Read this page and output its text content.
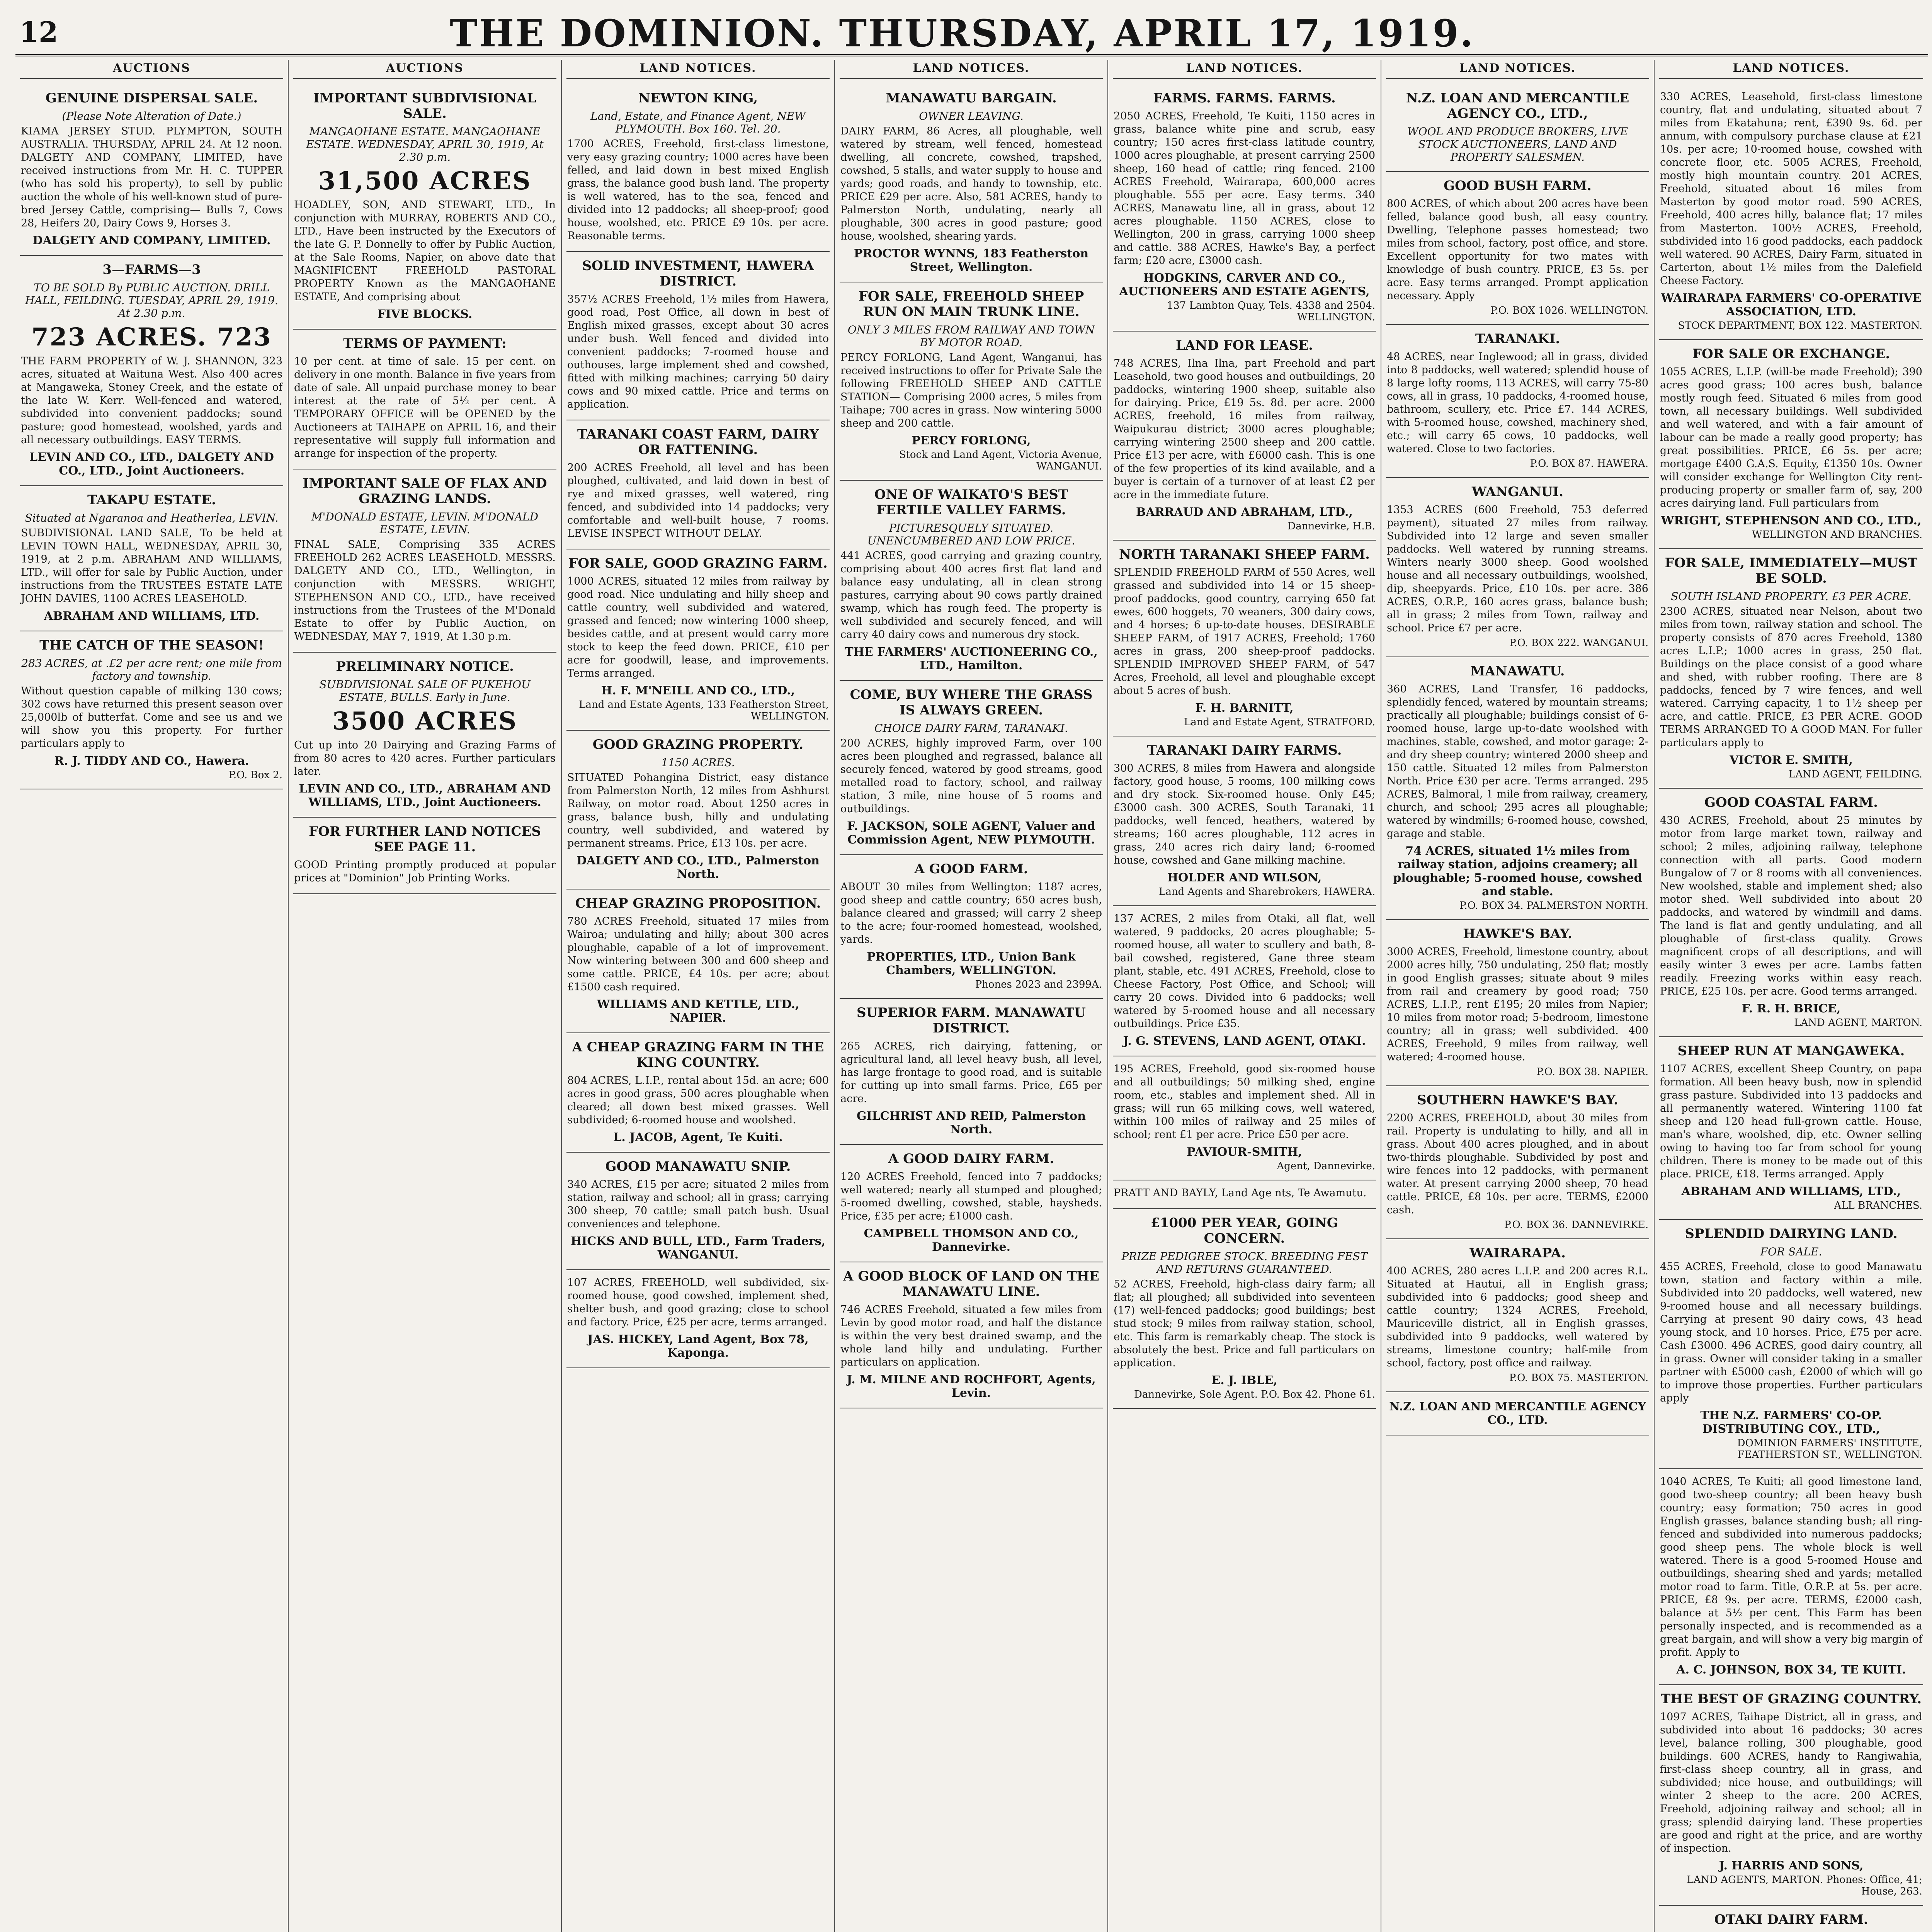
12	THE DOMINION. THURSDAY, APRIL 17, 1919.
AUCTIONS
GENUINE DISPERSAL SALE.
(Please Note Alteration of Date.)
KIAMA JERSEY STUD. PLYMPTON, SOUTH AUSTRALIA. THURSDAY, APRIL 24. At 12 noon. DALGETY AND COMPANY, LIMITED, have received instructions from Mr. H. C. TUPPER (who has sold his property), to sell by public auction the whole of his well-known stud of pure-bred Jersey Cattle, comprising— Bulls 7, Cows 28, Heifers 20, Dairy Cows 9, Horses 3.
DALGETY AND COMPANY, LIMITED.
3—FARMS—3
TO BE SOLD By PUBLIC AUCTION. DRILL HALL, FEILDING. TUESDAY, APRIL 29, 1919. At 2.30 p.m.
723 ACRES. 723
THE FARM PROPERTY of W. J. SHANNON, 323 acres, situated at Waituna West. Also 400 acres at Mangaweka, Stoney Creek, and the estate of the late W. Kerr. Well-fenced and watered, subdivided into convenient paddocks; sound pasture; good homestead, woolshed, yards and all necessary outbuildings. EASY TERMS.
LEVIN AND CO., LTD., DALGETY AND CO., LTD., Joint Auctioneers.
TAKAPU ESTATE.
Situated at Ngaranoa and Heatherlea, LEVIN.
SUBDIVISIONAL LAND SALE, To be held at LEVIN TOWN HALL, WEDNESDAY, APRIL 30, 1919, at 2 p.m. ABRAHAM AND WILLIAMS, LTD., will offer for sale by Public Auction, under instructions from the TRUSTEES ESTATE LATE JOHN DAVIES, 1100 ACRES LEASEHOLD.
ABRAHAM AND WILLIAMS, LTD.
THE CATCH OF THE SEASON!
283 ACRES, at .£2 per acre rent; one mile from factory and township.
Without question capable of milking 130 cows; 302 cows have returned this present season over 25,000lb of butterfat. Come and see us and we will show you this property. For further particulars apply to
R. J. TIDDY AND CO., Hawera.
P.O. Box 2.
AUCTIONS
IMPORTANT SUBDIVISIONAL SALE.
MANGAOHANE ESTATE. MANGAOHANE ESTATE. WEDNESDAY, APRIL 30, 1919, At 2.30 p.m.
31,500 ACRES
HOADLEY, SON, AND STEWART, LTD., In conjunction with MURRAY, ROBERTS AND CO., LTD., Have been instructed by the Executors of the late G. P. Donnelly to offer by Public Auction, at the Sale Rooms, Napier, on above date that MAGNIFICENT FREEHOLD PASTORAL PROPERTY Known as the MANGAOHANE ESTATE, And comprising about
FIVE BLOCKS.
TERMS OF PAYMENT:
10 per cent. at time of sale. 15 per cent. on delivery in one month. Balance in five years from date of sale. All unpaid purchase money to bear interest at the rate of 5½ per cent. A TEMPORARY OFFICE will be OPENED by the Auctioneers at TAIHAPE on APRIL 16, and their representative will supply full information and arrange for inspection of the property.
IMPORTANT SALE OF FLAX AND GRAZING LANDS.
M'DONALD ESTATE, LEVIN. M'DONALD ESTATE, LEVIN.
FINAL SALE, Comprising 335 ACRES FREEHOLD 262 ACRES LEASEHOLD. MESSRS. DALGETY AND CO., LTD., Wellington, in conjunction with MESSRS. WRIGHT, STEPHENSON AND CO., LTD., have received instructions from the Trustees of the M'Donald Estate to offer by Public Auction, on WEDNESDAY, MAY 7, 1919, At 1.30 p.m.
PRELIMINARY NOTICE.
SUBDIVISIONAL SALE OF PUKEHOU ESTATE, BULLS. Early in June.
3500 ACRES
Cut up into 20 Dairying and Grazing Farms of from 80 acres to 420 acres. Further particulars later.
LEVIN AND CO., LTD., ABRAHAM AND WILLIAMS, LTD., Joint Auctioneers.
FOR FURTHER LAND NOTICES SEE PAGE 11.
GOOD Printing promptly produced at popular prices at "Dominion" Job Printing Works.
LAND NOTICES.
NEWTON KING,
Land, Estate, and Finance Agent, NEW PLYMOUTH. Box 160. Tel. 20.
1700 ACRES, Freehold, first-class limestone, very easy grazing country; 1000 acres have been felled, and laid down in best mixed English grass, the balance good bush land. The property is well watered, has to the sea, fenced and divided into 12 paddocks; all sheep-proof; good house, woolshed, etc. PRICE £9 10s. per acre. Reasonable terms.
SOLID INVESTMENT, HAWERA DISTRICT.
357½ ACRES Freehold, 1½ miles from Hawera, good road, Post Office, all down in best of English mixed grasses, except about 30 acres under bush. Well fenced and divided into convenient paddocks; 7-roomed house and outhouses, large implement shed and cowshed, fitted with milking machines; carrying 50 dairy cows and 90 mixed cattle. Price and terms on application.
TARANAKI COAST FARM, DAIRY OR FATTENING.
200 ACRES Freehold, all level and has been ploughed, cultivated, and laid down in best of rye and mixed grasses, well watered, ring fenced, and subdivided into 14 paddocks; very comfortable and well-built house, 7 rooms. LEVISE INSPECT WITHOUT DELAY.
FOR SALE, GOOD GRAZING FARM.
1000 ACRES, situated 12 miles from railway by good road. Nice undulating and hilly sheep and cattle country, well subdivided and watered, grassed and fenced; now wintering 1000 sheep, besides cattle, and at present would carry more stock to keep the feed down. PRICE, £10 per acre for goodwill, lease, and improvements. Terms arranged.
H. F. M'NEILL AND CO., LTD.,
Land and Estate Agents, 133 Featherston Street, WELLINGTON.
GOOD GRAZING PROPERTY.
1150 ACRES.
SITUATED Pohangina District, easy distance from Palmerston North, 12 miles from Ashhurst Railway, on motor road. About 1250 acres in grass, balance bush, hilly and undulating country, well subdivided, and watered by permanent streams. Price, £13 10s. per acre.
DALGETY AND CO., LTD., Palmerston North.
CHEAP GRAZING PROPOSITION.
780 ACRES Freehold, situated 17 miles from Wairoa; undulating and hilly; about 300 acres ploughable, capable of a lot of improvement. Now wintering between 300 and 600 sheep and some cattle. PRICE, £4 10s. per acre; about £1500 cash required.
WILLIAMS AND KETTLE, LTD., NAPIER.
A CHEAP GRAZING FARM IN THE KING COUNTRY.
804 ACRES, L.I.P., rental about 15d. an acre; 600 acres in good grass, 500 acres ploughable when cleared; all down best mixed grasses. Well subdivided; 6-roomed house and woolshed.
L. JACOB, Agent, Te Kuiti.
GOOD MANAWATU SNIP.
340 ACRES, £15 per acre; situated 2 miles from station, railway and school; all in grass; carrying 300 sheep, 70 cattle; small patch bush. Usual conveniences and telephone.
HICKS AND BULL, LTD., Farm Traders, WANGANUI.
107 ACRES, FREEHOLD, well subdivided, six-roomed house, good cowshed, implement shed, shelter bush, and good grazing; close to school and factory. Price, £25 per acre, terms arranged.
JAS. HICKEY, Land Agent, Box 78, Kaponga.
LAND NOTICES.
MANAWATU BARGAIN.
OWNER LEAVING.
DAIRY FARM, 86 Acres, all ploughable, well watered by stream, well fenced, homestead dwelling, all concrete, cowshed, trapshed, cowshed, 5 stalls, and water supply to house and yards; good roads, and handy to township, etc. PRICE £29 per acre. Also, 581 ACRES, handy to Palmerston North, undulating, nearly all ploughable, 300 acres in good pasture; good house, woolshed, shearing yards.
PROCTOR WYNNS, 183 Featherston Street, Wellington.
FOR SALE, FREEHOLD SHEEP RUN ON MAIN TRUNK LINE.
ONLY 3 MILES FROM RAILWAY AND TOWN BY MOTOR ROAD.
PERCY FORLONG, Land Agent, Wanganui, has received instructions to offer for Private Sale the following FREEHOLD SHEEP AND CATTLE STATION— Comprising 2000 acres, 5 miles from Taihape; 700 acres in grass. Now wintering 5000 sheep and 200 cattle.
PERCY FORLONG,
Stock and Land Agent, Victoria Avenue, WANGANUI.
ONE OF WAIKATO'S BEST FERTILE VALLEY FARMS.
PICTURESQUELY SITUATED. UNENCUMBERED AND LOW PRICE.
441 ACRES, good carrying and grazing country, comprising about 400 acres first flat land and balance easy undulating, all in clean strong pastures, carrying about 90 cows partly drained swamp, which has rough feed. The property is well subdivided and securely fenced, and will carry 40 dairy cows and numerous dry stock.
THE FARMERS' AUCTIONEERING CO., LTD., Hamilton.
COME, BUY WHERE THE GRASS IS ALWAYS GREEN.
CHOICE DAIRY FARM, TARANAKI.
200 ACRES, highly improved Farm, over 100 acres been ploughed and regrassed, balance all securely fenced, watered by good streams, good metalled road to factory, school, and railway station, 3 mile, nine house of 5 rooms and outbuildings.
F. JACKSON, SOLE AGENT, Valuer and Commission Agent, NEW PLYMOUTH.
A GOOD FARM.
ABOUT 30 miles from Wellington: 1187 acres, good sheep and cattle country; 650 acres bush, balance cleared and grassed; will carry 2 sheep to the acre; four-roomed homestead, woolshed, yards.
PROPERTIES, LTD., Union Bank Chambers, WELLINGTON.
Phones 2023 and 2399A.
SUPERIOR FARM. MANAWATU DISTRICT.
265 ACRES, rich dairying, fattening, or agricultural land, all level heavy bush, all level, has large frontage to good road, and is suitable for cutting up into small farms. Price, £65 per acre.
GILCHRIST AND REID, Palmerston North.
A GOOD DAIRY FARM.
120 ACRES Freehold, fenced into 7 paddocks; well watered; nearly all stumped and ploughed; 5-roomed dwelling, cowshed, stable, haysheds. Price, £35 per acre; £1000 cash.
CAMPBELL THOMSON AND CO., Dannevirke.
A GOOD BLOCK OF LAND ON THE MANAWATU LINE.
746 ACRES Freehold, situated a few miles from Levin by good motor road, and half the distance is within the very best drained swamp, and the whole land hilly and undulating. Further particulars on application.
J. M. MILNE AND ROCHFORT, Agents, Levin.
LAND NOTICES.
FARMS. FARMS. FARMS.
2050 ACRES, Freehold, Te Kuiti, 1150 acres in grass, balance white pine and scrub, easy country; 150 acres first-class latitude country, 1000 acres ploughable, at present carrying 2500 sheep, 160 head of cattle; ring fenced. 2100 ACRES Freehold, Wairarapa, 600,000 acres ploughable. 555 per acre. Easy terms. 340 ACRES, Manawatu line, all in grass, about 12 acres ploughable. 1150 ACRES, close to Wellington, 200 in grass, carrying 1000 sheep and cattle. 388 ACRES, Hawke's Bay, a perfect farm; £20 acre, £3000 cash.
HODGKINS, CARVER AND CO., AUCTIONEERS AND ESTATE AGENTS,
137 Lambton Quay, Tels. 4338 and 2504. WELLINGTON.
LAND FOR LEASE.
748 ACRES, Ilna Ilna, part Freehold and part Leasehold, two good houses and outbuildings, 20 paddocks, wintering 1900 sheep, suitable also for dairying. Price, £19 5s. 8d. per acre. 2000 ACRES, freehold, 16 miles from railway, Waipukurau district; 3000 acres ploughable; carrying wintering 2500 sheep and 200 cattle. Price £13 per acre, with £6000 cash. This is one of the few properties of its kind available, and a buyer is certain of a turnover of at least £2 per acre in the immediate future.
BARRAUD AND ABRAHAM, LTD.,
Dannevirke, H.B.
NORTH TARANAKI SHEEP FARM.
SPLENDID FREEHOLD FARM of 550 Acres, well grassed and subdivided into 14 or 15 sheep-proof paddocks, good country, carrying 650 fat ewes, 600 hoggets, 70 weaners, 300 dairy cows, and 4 horses; 6 up-to-date houses. DESIRABLE SHEEP FARM, of 1917 ACRES, Freehold; 1760 acres in grass, 200 sheep-proof paddocks. SPLENDID IMPROVED SHEEP FARM, of 547 Acres, Freehold, all level and ploughable except about 5 acres of bush.
F. H. BARNITT,
Land and Estate Agent, STRATFORD.
TARANAKI DAIRY FARMS.
300 ACRES, 8 miles from Hawera and alongside factory, good house, 5 rooms, 100 milking cows and dry stock. Six-roomed house. Only £45; £3000 cash. 300 ACRES, South Taranaki, 11 paddocks, well fenced, heathers, watered by streams; 160 acres ploughable, 112 acres in grass, 240 acres rich dairy land; 6-roomed house, cowshed and Gane milking machine.
HOLDER AND WILSON,
Land Agents and Sharebrokers, HAWERA.
137 ACRES, 2 miles from Otaki, all flat, well watered, 9 paddocks, 20 acres ploughable; 5-roomed house, all water to scullery and bath, 8-bail cowshed, registered, Gane three steam plant, stable, etc. 491 ACRES, Freehold, close to Cheese Factory, Post Office, and School; will carry 20 cows. Divided into 6 paddocks; well watered by 5-roomed house and all necessary outbuildings. Price £35.
J. G. STEVENS, LAND AGENT, OTAKI.
195 ACRES, Freehold, good six-roomed house and all outbuildings; 50 milking shed, engine room, etc., stables and implement shed. All in grass; will run 65 milking cows, well watered, within 100 miles of railway and 25 miles of school; rent £1 per acre. Price £50 per acre.
PAVIOUR-SMITH,
Agent, Dannevirke.
PRATT AND BAYLY, Land Age nts, Te Awamutu.
£1000 PER YEAR, GOING CONCERN.
PRIZE PEDIGREE STOCK. BREEDING FEST AND RETURNS GUARANTEED.
52 ACRES, Freehold, high-class dairy farm; all flat; all ploughed; all subdivided into seventeen (17) well-fenced paddocks; good buildings; best stud stock; 9 miles from railway station, school, etc. This farm is remarkably cheap. The stock is absolutely the best. Price and full particulars on application.
E. J. IBLE,
Dannevirke, Sole Agent. P.O. Box 42. Phone 61.
LAND NOTICES.
N.Z. LOAN AND MERCANTILE AGENCY CO., LTD.,
WOOL AND PRODUCE BROKERS, LIVE STOCK AUCTIONEERS, LAND AND PROPERTY SALESMEN.
GOOD BUSH FARM.
800 ACRES, of which about 200 acres have been felled, balance good bush, all easy country. Dwelling, Telephone passes homestead; two miles from school, factory, post office, and store. Excellent opportunity for two mates with knowledge of bush country. PRICE, £3 5s. per acre. Easy terms arranged. Prompt application necessary. Apply
P.O. BOX 1026. WELLINGTON.
TARANAKI.
48 ACRES, near Inglewood; all in grass, divided into 8 paddocks, well watered; splendid house of 8 large lofty rooms, 113 ACRES, will carry 75-80 cows, all in grass, 10 paddocks, 4-roomed house, bathroom, scullery, etc. Price £7. 144 ACRES, with 5-roomed house, cowshed, machinery shed, etc.; will carry 65 cows, 10 paddocks, well watered. Close to two factories.
P.O. BOX 87. HAWERA.
WANGANUI.
1353 ACRES (600 Freehold, 753 deferred payment), situated 27 miles from railway. Subdivided into 12 large and seven smaller paddocks. Well watered by running streams. Winters nearly 3000 sheep. Good woolshed house and all necessary outbuildings, woolshed, dip, sheepyards. Price, £10 10s. per acre. 386 ACRES, O.R.P., 160 acres grass, balance bush; all in grass; 2 miles from Town, railway and school. Price £7 per acre.
P.O. BOX 222. WANGANUI.
MANAWATU.
360 ACRES, Land Transfer, 16 paddocks, splendidly fenced, watered by mountain streams; practically all ploughable; buildings consist of 6-roomed house, large up-to-date woolshed with machines, stable, cowshed, and motor garage; 2-and dry sheep country; wintered 2000 sheep and 150 cattle. Situated 12 miles from Palmerston North. Price £30 per acre. Terms arranged. 295 ACRES, Balmoral, 1 mile from railway, creamery, church, and school; 295 acres all ploughable; watered by windmills; 6-roomed house, cowshed, garage and stable.
74 ACRES, situated 1½ miles from railway station, adjoins creamery; all ploughable; 5-roomed house, cowshed and stable.
P.O. BOX 34. PALMERSTON NORTH.
HAWKE'S BAY.
3000 ACRES, Freehold, limestone country, about 2000 acres hilly, 750 undulating, 250 flat; mostly in good English grasses; situate about 9 miles from rail and creamery by good road; 750 ACRES, L.I.P., rent £195; 20 miles from Napier; 10 miles from motor road; 5-bedroom, limestone country; all in grass; well subdivided. 400 ACRES, Freehold, 9 miles from railway, well watered; 4-roomed house.
P.O. BOX 38. NAPIER.
SOUTHERN HAWKE'S BAY.
2200 ACRES, FREEHOLD, about 30 miles from rail. Property is undulating to hilly, and all in grass. About 400 acres ploughed, and in about two-thirds ploughable. Subdivided by post and wire fences into 12 paddocks, with permanent water. At present carrying 2000 sheep, 70 head cattle. PRICE, £8 10s. per acre. TERMS, £2000 cash.
P.O. BOX 36. DANNEVIRKE.
WAIRARAPA.
400 ACRES, 280 acres L.I.P. and 200 acres R.L. Situated at Hautui, all in English grass; subdivided into 6 paddocks; good sheep and cattle country; 1324 ACRES, Freehold, Mauriceville district, all in English grasses, subdivided into 9 paddocks, well watered by streams, limestone country; half-mile from school, factory, post office and railway.
P.O. BOX 75. MASTERTON.
N.Z. LOAN AND MERCANTILE AGENCY CO., LTD.
LAND NOTICES.
330 ACRES, Leasehold, first-class limestone country, flat and undulating, situated about 7 miles from Ekatahuna; rent, £390 9s. 6d. per annum, with compulsory purchase clause at £21 10s. per acre; 10-roomed house, cowshed with concrete floor, etc. 5005 ACRES, Freehold, mostly high mountain country. 201 ACRES, Freehold, situated about 16 miles from Masterton by good motor road. 590 ACRES, Freehold, 400 acres hilly, balance flat; 17 miles from Masterton. 100½ ACRES, Freehold, subdivided into 16 good paddocks, each paddock well watered. 90 ACRES, Dairy Farm, situated in Carterton, about 1½ miles from the Dalefield Cheese Factory.
WAIRARAPA FARMERS' CO-OPERATIVE ASSOCIATION, LTD.
STOCK DEPARTMENT, BOX 122. MASTERTON.
FOR SALE OR EXCHANGE.
1055 ACRES, L.I.P. (will-be made Freehold); 390 acres good grass; 100 acres bush, balance mostly rough feed. Situated 6 miles from good town, all necessary buildings. Well subdivided and well watered, and with a fair amount of labour can be made a really good property; has great possibilities. PRICE, £6 5s. per acre; mortgage £400 G.A.S. Equity, £1350 10s. Owner will consider exchange for Wellington City rent-producing property or smaller farm of, say, 200 acres dairying land. Full particulars from
WRIGHT, STEPHENSON AND CO., LTD.,
WELLINGTON AND BRANCHES.
FOR SALE, IMMEDIATELY—MUST BE SOLD.
SOUTH ISLAND PROPERTY. £3 PER ACRE.
2300 ACRES, situated near Nelson, about two miles from town, railway station and school. The property consists of 870 acres Freehold, 1380 acres L.I.P.; 1000 acres in grass, 250 flat. Buildings on the place consist of a good whare and shed, with rubber roofing. There are 8 paddocks, fenced by 7 wire fences, and well watered. Carrying capacity, 1 to 1½ sheep per acre, and cattle. PRICE, £3 PER ACRE. GOOD TERMS ARRANGED TO A GOOD MAN. For fuller particulars apply to
VICTOR E. SMITH,
LAND AGENT, FEILDING.
GOOD COASTAL FARM.
430 ACRES, Freehold, about 25 minutes by motor from large market town, railway and school; 2 miles, adjoining railway, telephone connection with all parts. Good modern Bungalow of 7 or 8 rooms with all conveniences. New woolshed, stable and implement shed; also motor shed. Well subdivided into about 20 paddocks, and watered by windmill and dams. The land is flat and gently undulating, and all ploughable of first-class quality. Grows magnificent crops of all descriptions, and will easily winter 3 ewes per acre. Lambs fatten readily. Freezing works within easy reach. PRICE, £25 10s. per acre. Good terms arranged.
F. R. H. BRICE,
LAND AGENT, MARTON.
SHEEP RUN AT MANGAWEKA.
1107 ACRES, excellent Sheep Country, on papa formation. All been heavy bush, now in splendid grass pasture. Subdivided into 13 paddocks and all permanently watered. Wintering 1100 fat sheep and 120 head full-grown cattle. House, man's whare, woolshed, dip, etc. Owner selling owing to having too far from school for young children. There is money to be made out of this place. PRICE, £18. Terms arranged. Apply
ABRAHAM AND WILLIAMS, LTD.,
ALL BRANCHES.
SPLENDID DAIRYING LAND.
FOR SALE.
455 ACRES, Freehold, close to good Manawatu town, station and factory within a mile. Subdivided into 20 paddocks, well watered, new 9-roomed house and all necessary buildings. Carrying at present 90 dairy cows, 43 head young stock, and 10 horses. Price, £75 per acre. Cash £3000. 496 ACRES, good dairy country, all in grass. Owner will consider taking in a smaller partner with £5000 cash, £2000 of which will go to improve those properties. Further particulars apply
THE N.Z. FARMERS' CO-OP. DISTRIBUTING COY., LTD.,
DOMINION FARMERS' INSTITUTE, FEATHERSTON ST., WELLINGTON.
1040 ACRES, Te Kuiti; all good limestone land, good two-sheep country; all been heavy bush country; easy formation; 750 acres in good English grasses, balance standing bush; all ring-fenced and subdivided into numerous paddocks; good sheep pens. The whole block is well watered. There is a good 5-roomed House and outbuildings, shearing shed and yards; metalled motor road to farm. Title, O.R.P. at 5s. per acre. PRICE, £8 9s. per acre. TERMS, £2000 cash, balance at 5½ per cent. This Farm has been personally inspected, and is recommended as a great bargain, and will show a very big margin of profit. Apply to
A. C. JOHNSON, BOX 34, TE KUITI.
THE BEST OF GRAZING COUNTRY.
1097 ACRES, Taihape District, all in grass, and subdivided into about 16 paddocks; 30 acres level, balance rolling, 300 ploughable, good buildings. 600 ACRES, handy to Rangiwahia, first-class sheep country, all in grass, and subdivided; nice house, and outbuildings; will winter 2 sheep to the acre. 200 ACRES, Freehold, adjoining railway and school; all in grass; splendid dairying land. These properties are good and right at the price, and are worthy of inspection.
J. HARRIS AND SONS,
LAND AGENTS, MARTON. Phones: Office, 41; House, 263.
OTAKI DAIRY FARM.
